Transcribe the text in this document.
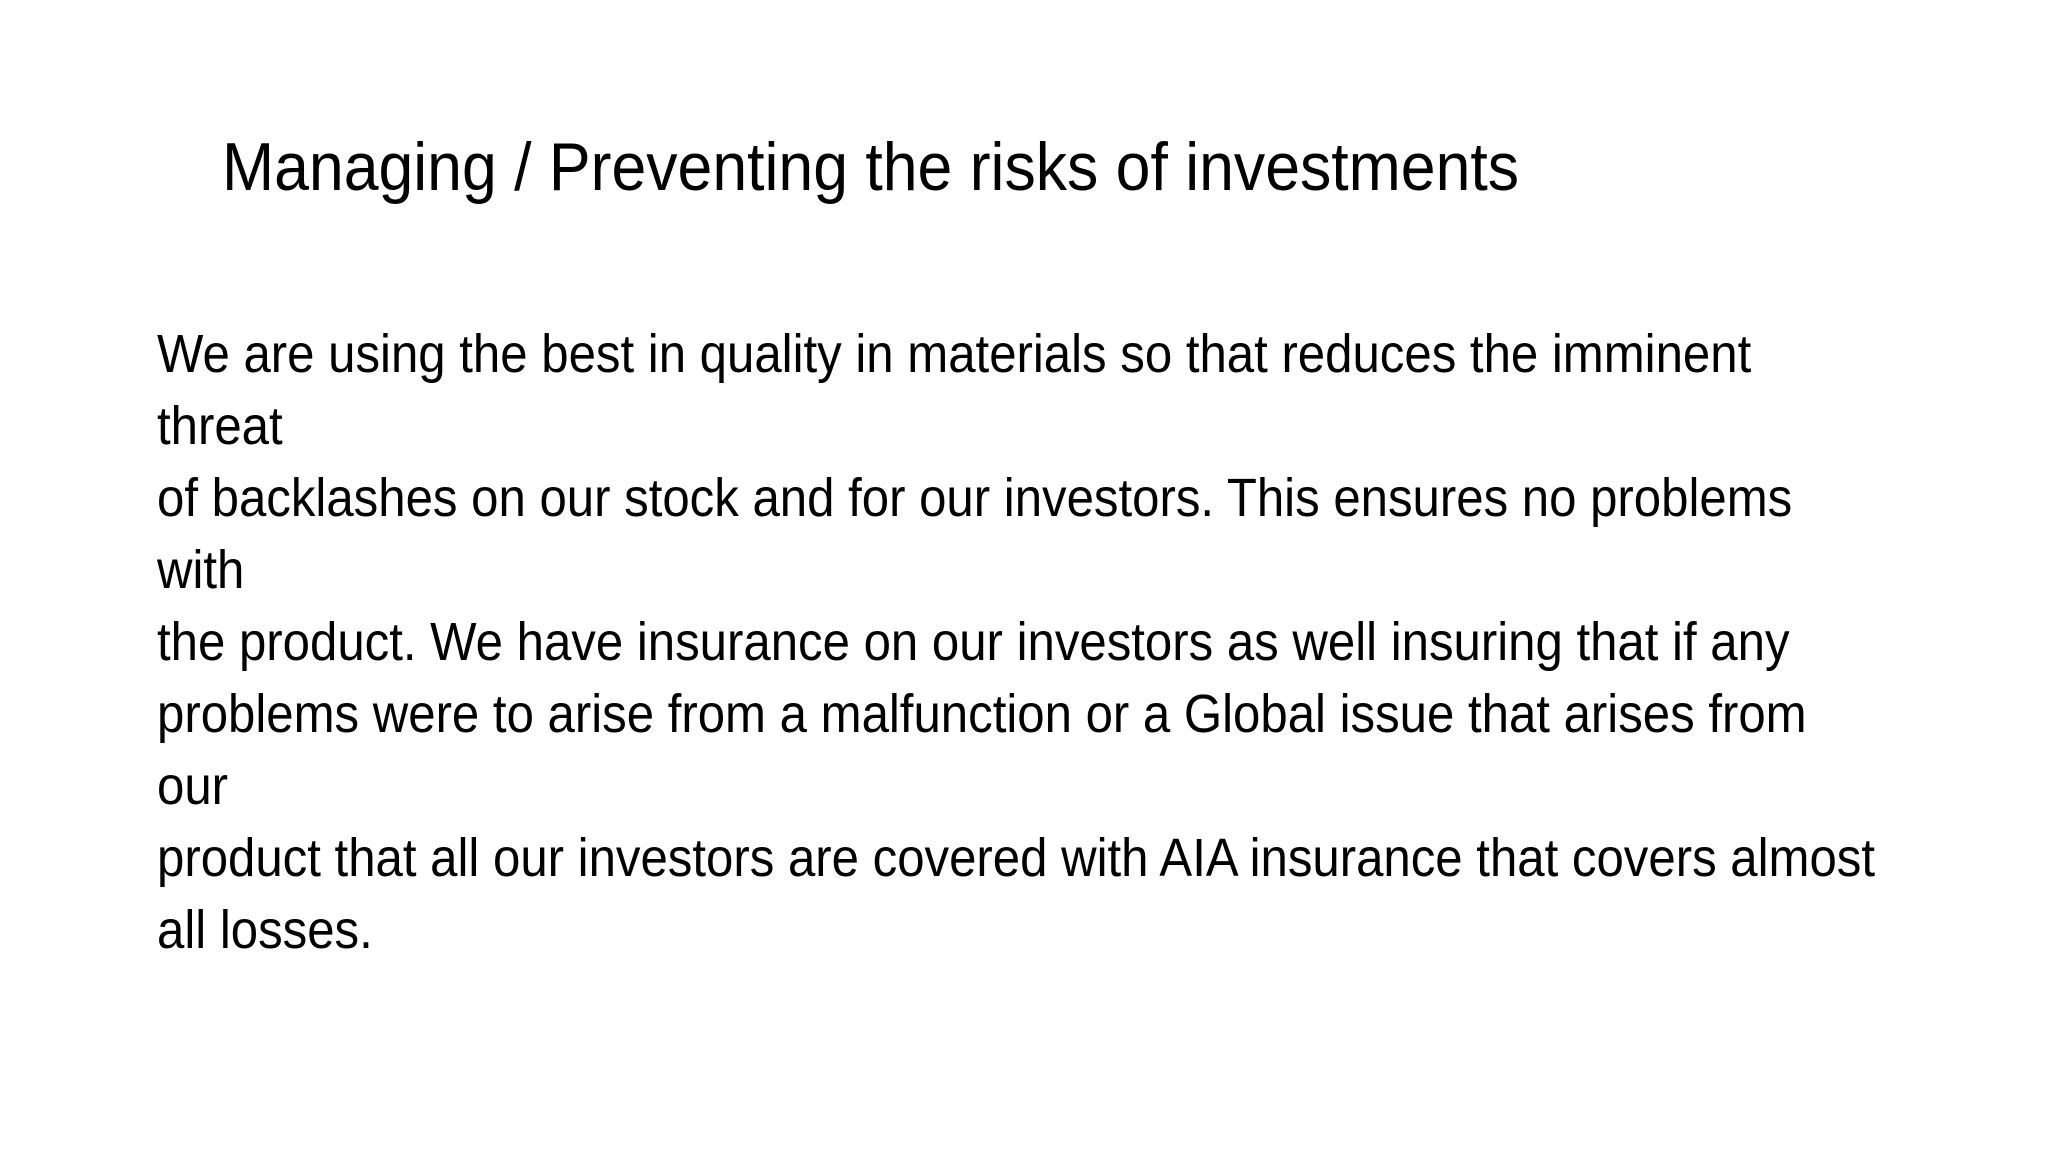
Managing / Preventing the risks of investments

We are using the best in quality in materials so that reduces the imminent threat
of backlashes on our stock and for our investors. This ensures no problems with
the product. We have insurance on our investors as well insuring that if any
problems were to arise from a malfunction or a Global issue that arises from our
product that all our investors are covered with AIA insurance that covers almost
all losses.
